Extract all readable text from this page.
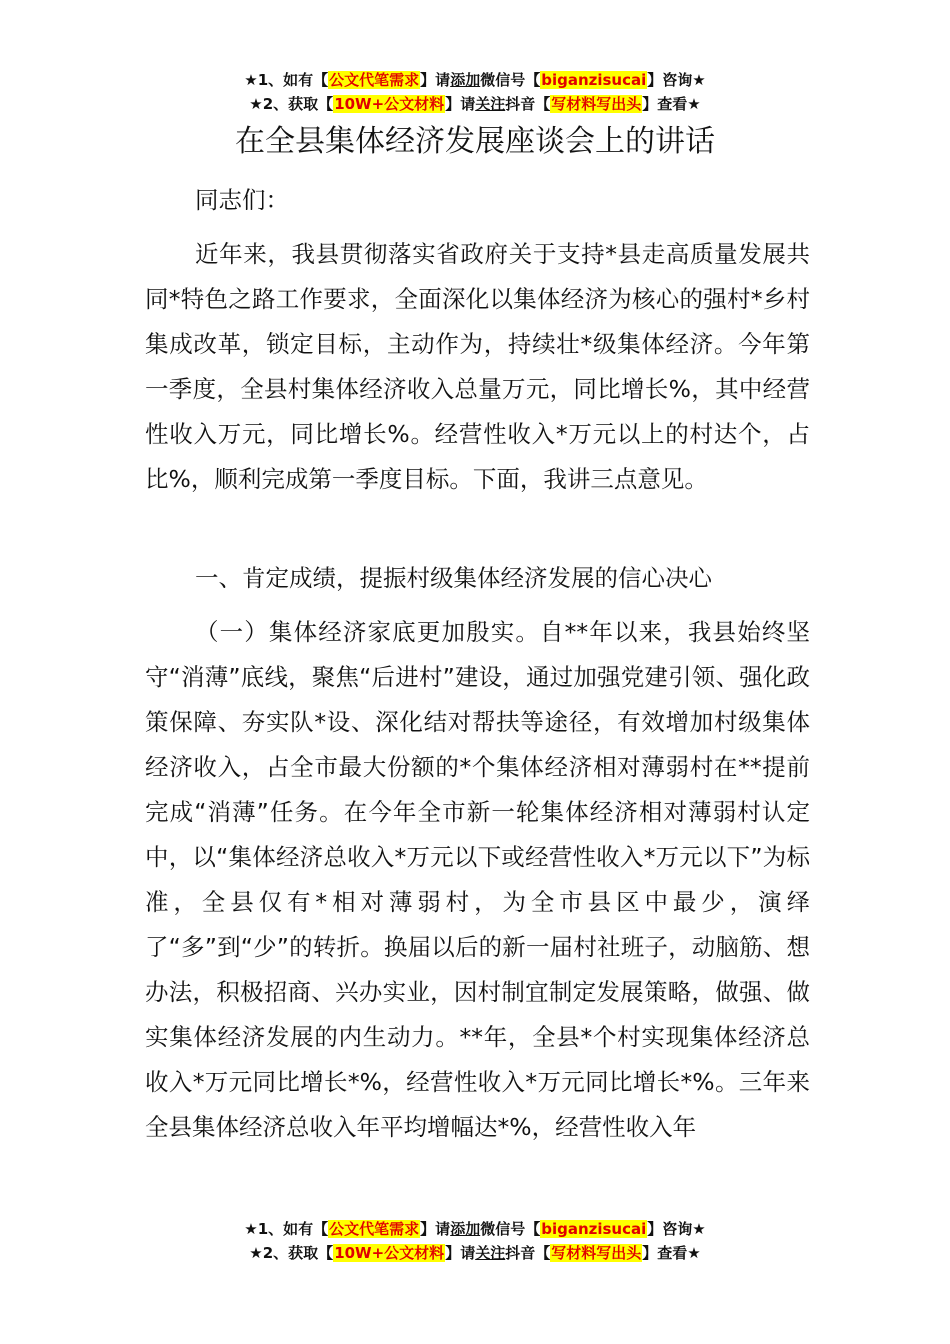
★1、如有【公文代笔需求】请添加微信号【biganzisucai】咨询★
★2、获取【10W+公文材料】请关注抖音【写材料写出头】查看★
在全县集体经济发展座谈会上的讲话

同志们：

近年来，我县贯彻落实省政府关于支持*县走高质量发展共同*特色之路工作要求，全面深化以集体经济为核心的强村*乡村集成改革，锁定目标，主动作为，持续壮*级集体经济。今年第一季度，全县村集体经济收入总量万元，同比增长%，其中经营性收入万元，同比增长%。经营性收入*万元以上的村达个，占比%，顺利完成第一季度目标。下面，我讲三点意见。

一、肯定成绩，提振村级集体经济发展的信心决心

（一）集体经济家底更加殷实。自**年以来，我县始终坚守“消薄”底线，聚焦“后进村”建设，通过加强党建引领、强化政策保障、夯实队*设、深化结对帮扶等途径，有效增加村级集体经济收入，占全市最大份额的*个集体经济相对薄弱村在**提前完成“消薄”任务。在今年全市新一轮集体经济相对薄弱村认定中，以“集体经济总收入*万元以下或经营性收入*万元以下”为标准，全县仅有*相对薄弱村，为全市县区中最少，演绎了“多”到“少”的转折。换届以后的新一届村社班子，动脑筋、想办法，积极招商、兴办实业，因村制宜制定发展策略，做强、做实集体经济发展的内生动力。**年，全县*个村实现集体经济总收入*万元同比增长*%，经营性收入*万元同比增长*%。三年来全县集体经济总收入年平均增幅达*%，经营性收入年

★1、如有【公文代笔需求】请添加微信号【biganzisucai】咨询★
★2、获取【10W+公文材料】请关注抖音【写材料写出头】查看★
